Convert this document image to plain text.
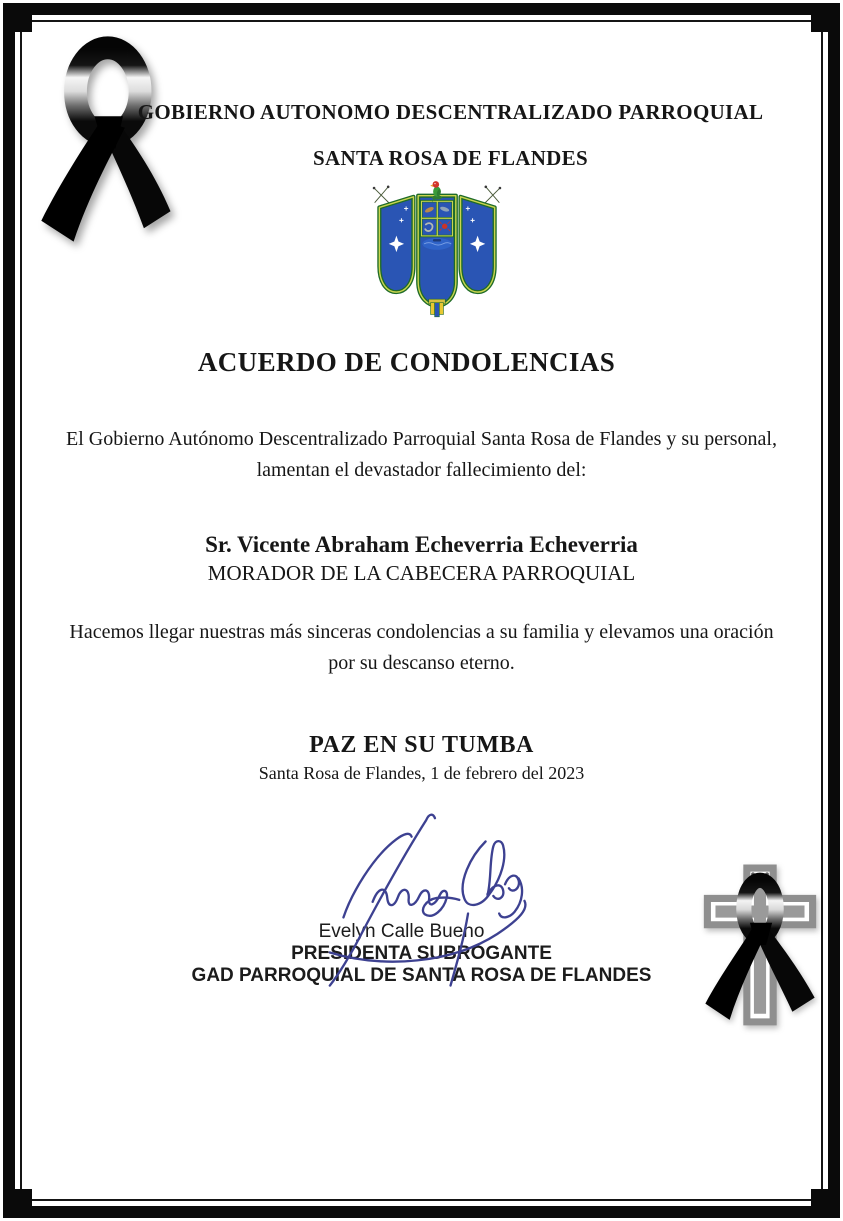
GOBIERNO AUTONOMO DESCENTRALIZADO PARROQUIAL
SANTA ROSA DE FLANDES
ACUERDO DE CONDOLENCIAS
El Gobierno Autónomo Descentralizado Parroquial Santa Rosa de Flandes y su personal, lamentan el devastador fallecimiento del:
Sr. Vicente Abraham Echeverria Echeverria
MORADOR DE LA CABECERA PARROQUIAL
Hacemos llegar nuestras más sinceras condolencias a su familia y elevamos una oración por su descanso eterno.
PAZ EN SU TUMBA
Santa Rosa de Flandes, 1 de febrero del 2023
Evelyn Calle Bueno
PRESIDENTA SUBROGANTE
GAD PARROQUIAL DE SANTA ROSA DE FLANDES
